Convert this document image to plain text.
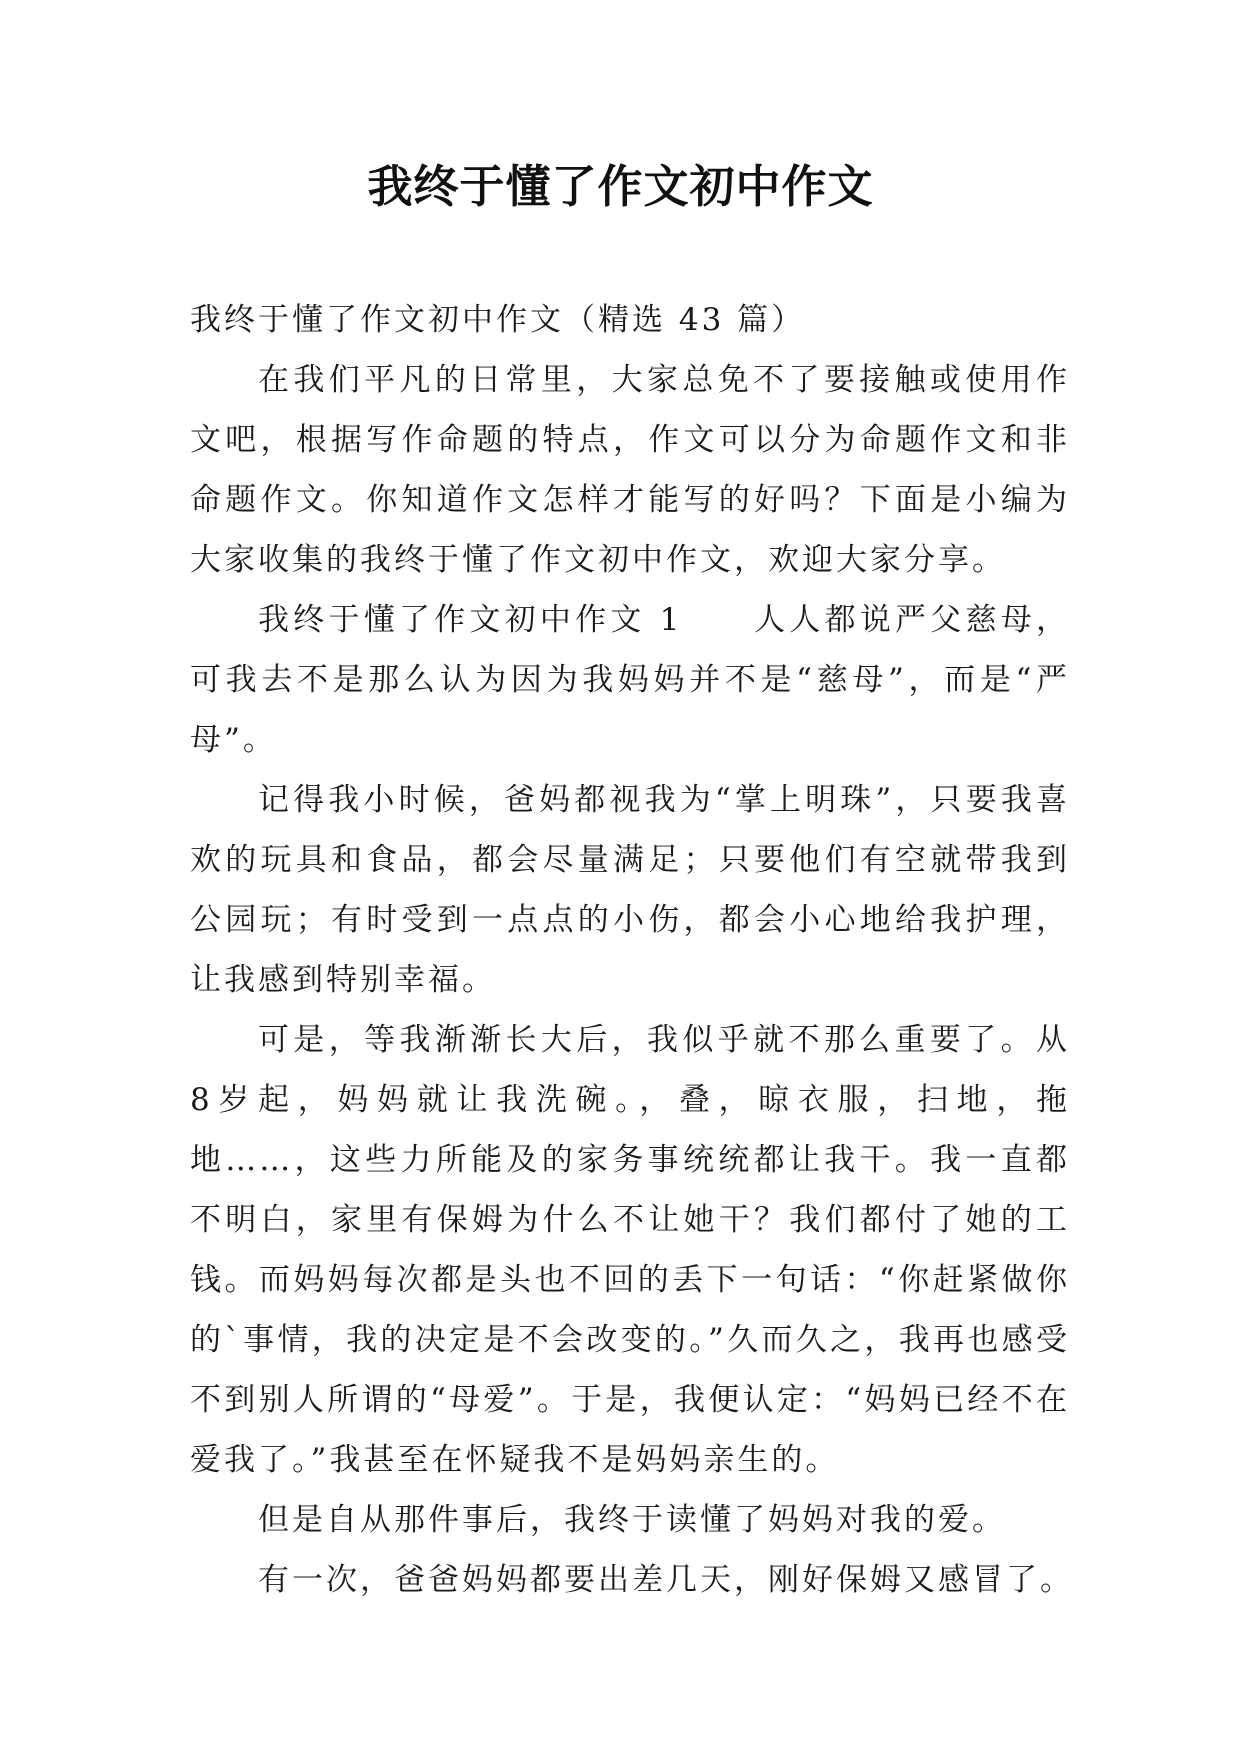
我终于懂了作文初中作文

我终于懂了作文初中作文（精选 43 篇）

在我们平凡的日常里，大家总免不了要接触或使用作文吧，根据写作命题的特点，作文可以分为命题作文和非命题作文。你知道作文怎样才能写的好吗？下面是小编为大家收集的我终于懂了作文初中作文，欢迎大家分享。

我终于懂了作文初中作文 1　　人人都说严父慈母，可我去不是那么认为因为我妈妈并不是“慈母”，而是“严母”。

记得我小时候，爸妈都视我为“掌上明珠”，只要我喜欢的玩具和食品，都会尽量满足；只要他们有空就带我到公园玩；有时受到一点点的小伤，都会小心地给我护理，让我感到特别幸福。

可是，等我渐渐长大后，我似乎就不那么重要了。从 8岁起，妈妈就让我洗碗。，叠，晾衣服，扫地，拖地……，这些力所能及的家务事统统都让我干。我一直都不明白，家里有保姆为什么不让她干？我们都付了她的工钱。而妈妈每次都是头也不回的丢下一句话：“你赶紧做你的`事情，我的决定是不会改变的。”久而久之，我再也感受不到别人所谓的“母爱”。于是，我便认定：“妈妈已经不在爱我了。”我甚至在怀疑我不是妈妈亲生的。

但是自从那件事后，我终于读懂了妈妈对我的爱。

有一次，爸爸妈妈都要出差几天，刚好保姆又感冒了。
